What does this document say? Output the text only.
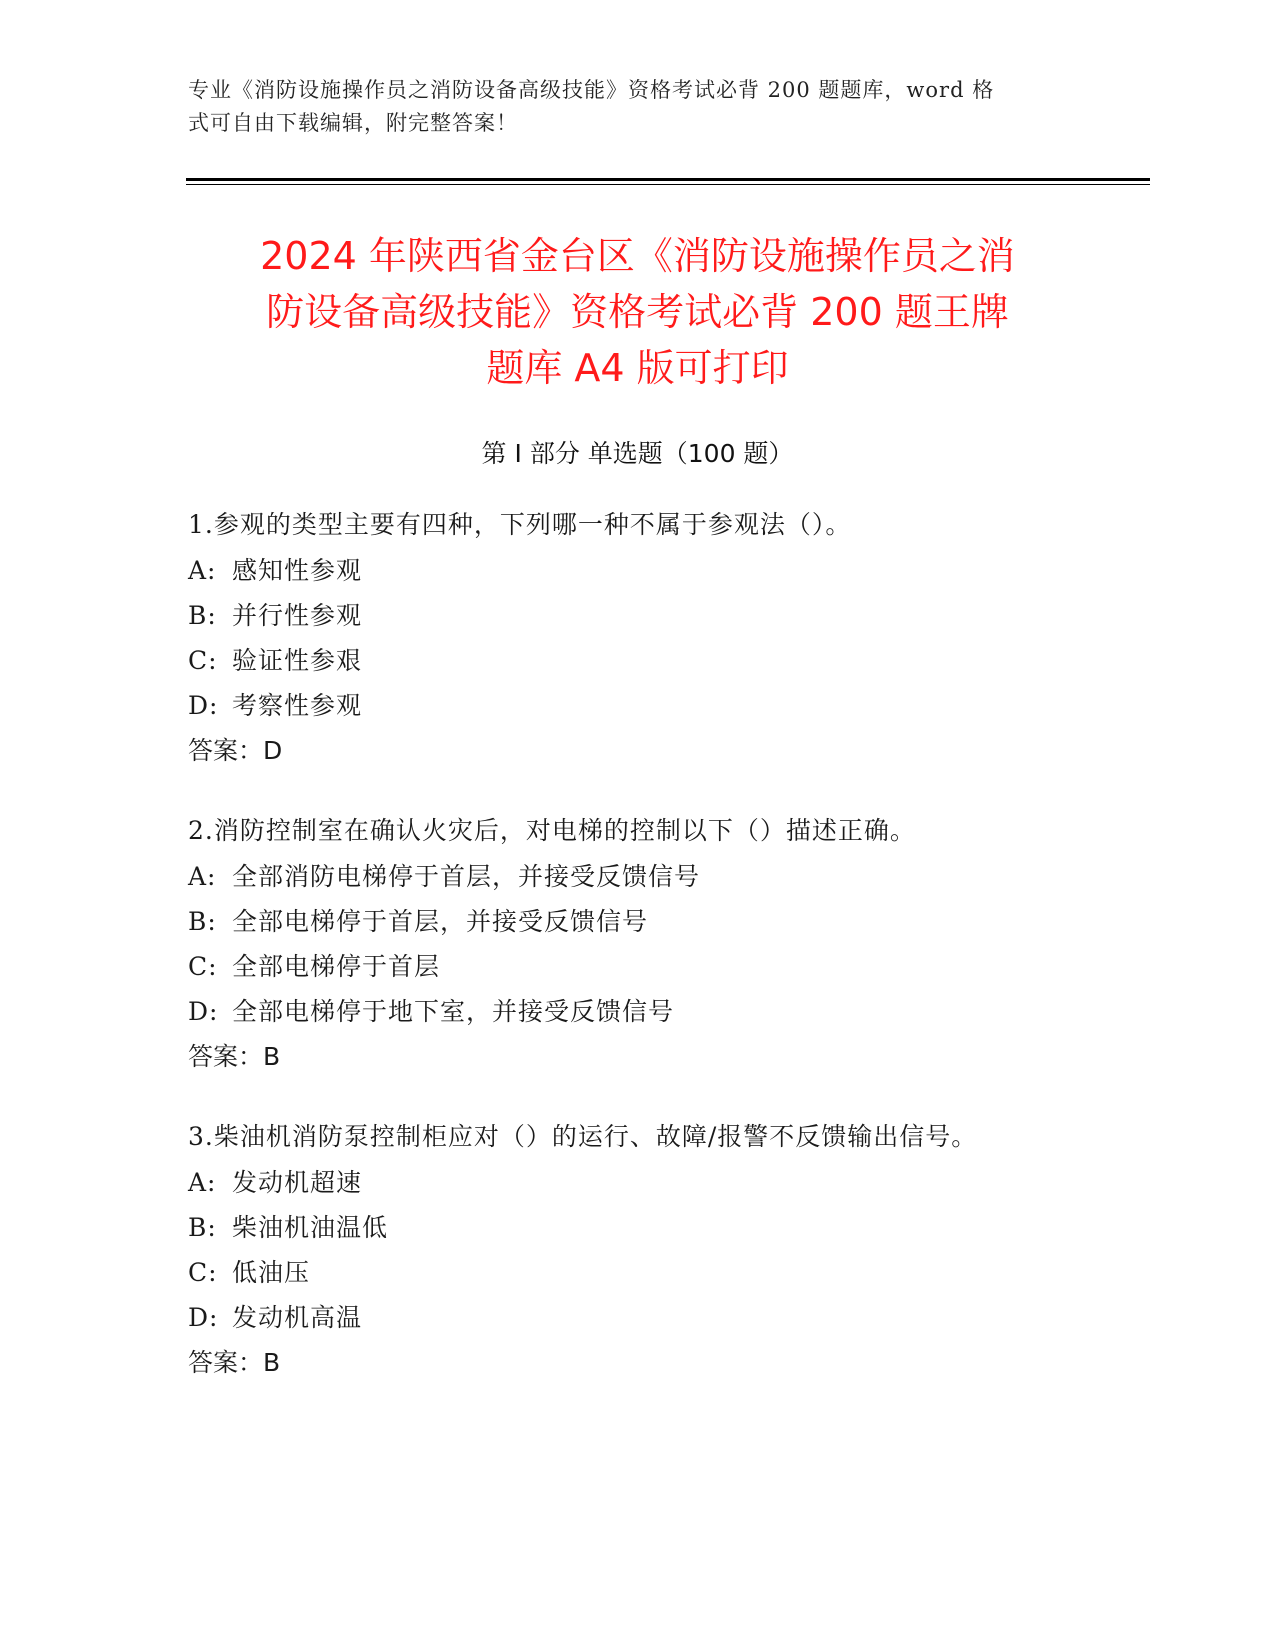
专业《消防设施操作员之消防设备高级技能》资格考试必背 200 题题库，word 格
式可自由下载编辑，附完整答案！
2024 年陕西省金台区《消防设施操作员之消
防设备高级技能》资格考试必背 200 题王牌
题库 A4 版可打印
第 I 部分 单选题（100 题）
1.参观的类型主要有四种，下列哪一种不属于参观法（）。
A: 感知性参观
B: 并行性参观
C: 验证性参艰
D: 考察性参观
答案：D
2.消防控制室在确认火灾后，对电梯的控制以下（）描述正确。
A: 全部消防电梯停于首层，并接受反馈信号
B: 全部电梯停于首层，并接受反馈信号
C: 全部电梯停于首层
D: 全部电梯停于地下室，并接受反馈信号
答案：B
3.柴油机消防泵控制柜应对（）的运行、故障/报警不反馈输出信号。
A: 发动机超速
B: 柴油机油温低
C: 低油压
D: 发动机高温
答案：B
